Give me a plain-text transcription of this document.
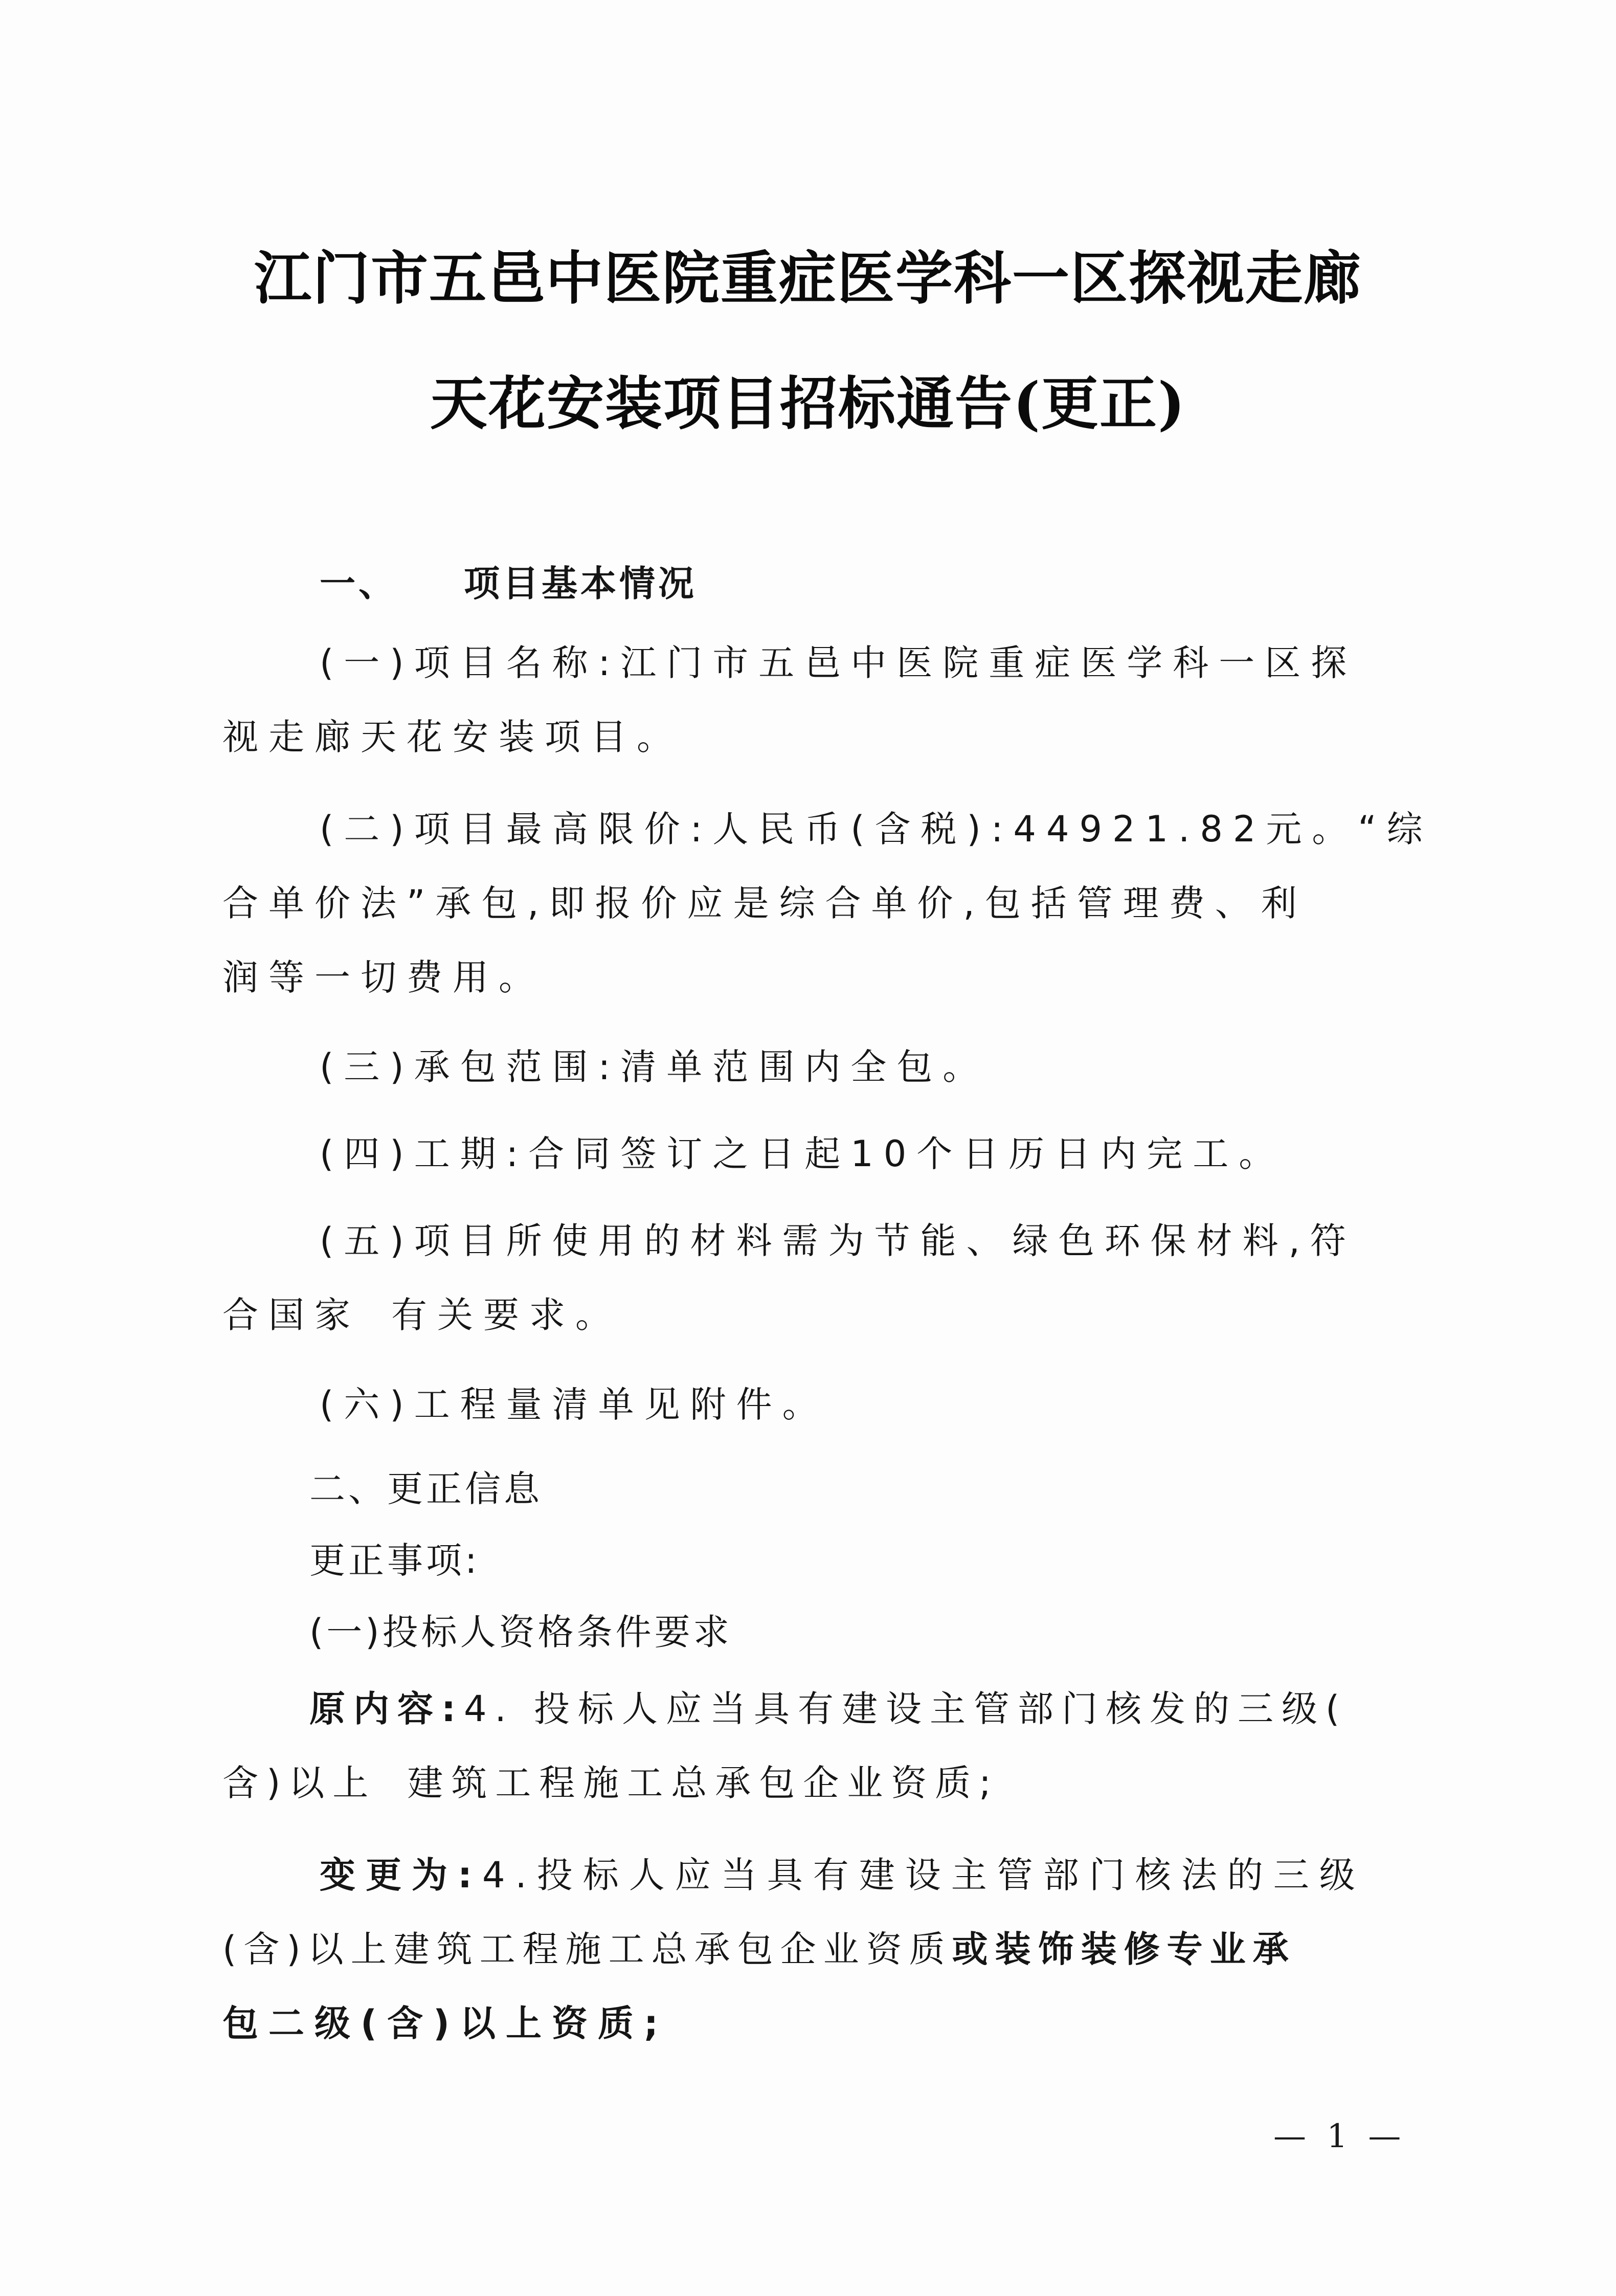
江门市五邑中医院重症医学科一区探视走廊
天花安装项目招标通告(更正)
一、 项目基本情况
(一)项目名称:江门市五邑中医院重症医学科一区探
视走廊天花安装项目。
(二)项目最高限价:人民币(含税):44921.82元。“综
合单价法”承包,即报价应是综合单价,包括管理费、利
润等一切费用。
(三)承包范围:清单范围内全包。
(四)工期:合同签订之日起10个日历日内完工。
(五)项目所使用的材料需为节能、绿色环保材料,符
合国家 有关要求。
(六)工程量清单见附件。
二、更正信息
更正事项:
(一)投标人资格条件要求
原内容:4. 投标人应当具有建设主管部门核发的三级(
含)以上 建筑工程施工总承包企业资质;
变更为:4.投标人应当具有建设主管部门核法的三级
(含)以上建筑工程施工总承包企业资质或装饰装修专业承
包二级(含)以上资质;
— 1 —
